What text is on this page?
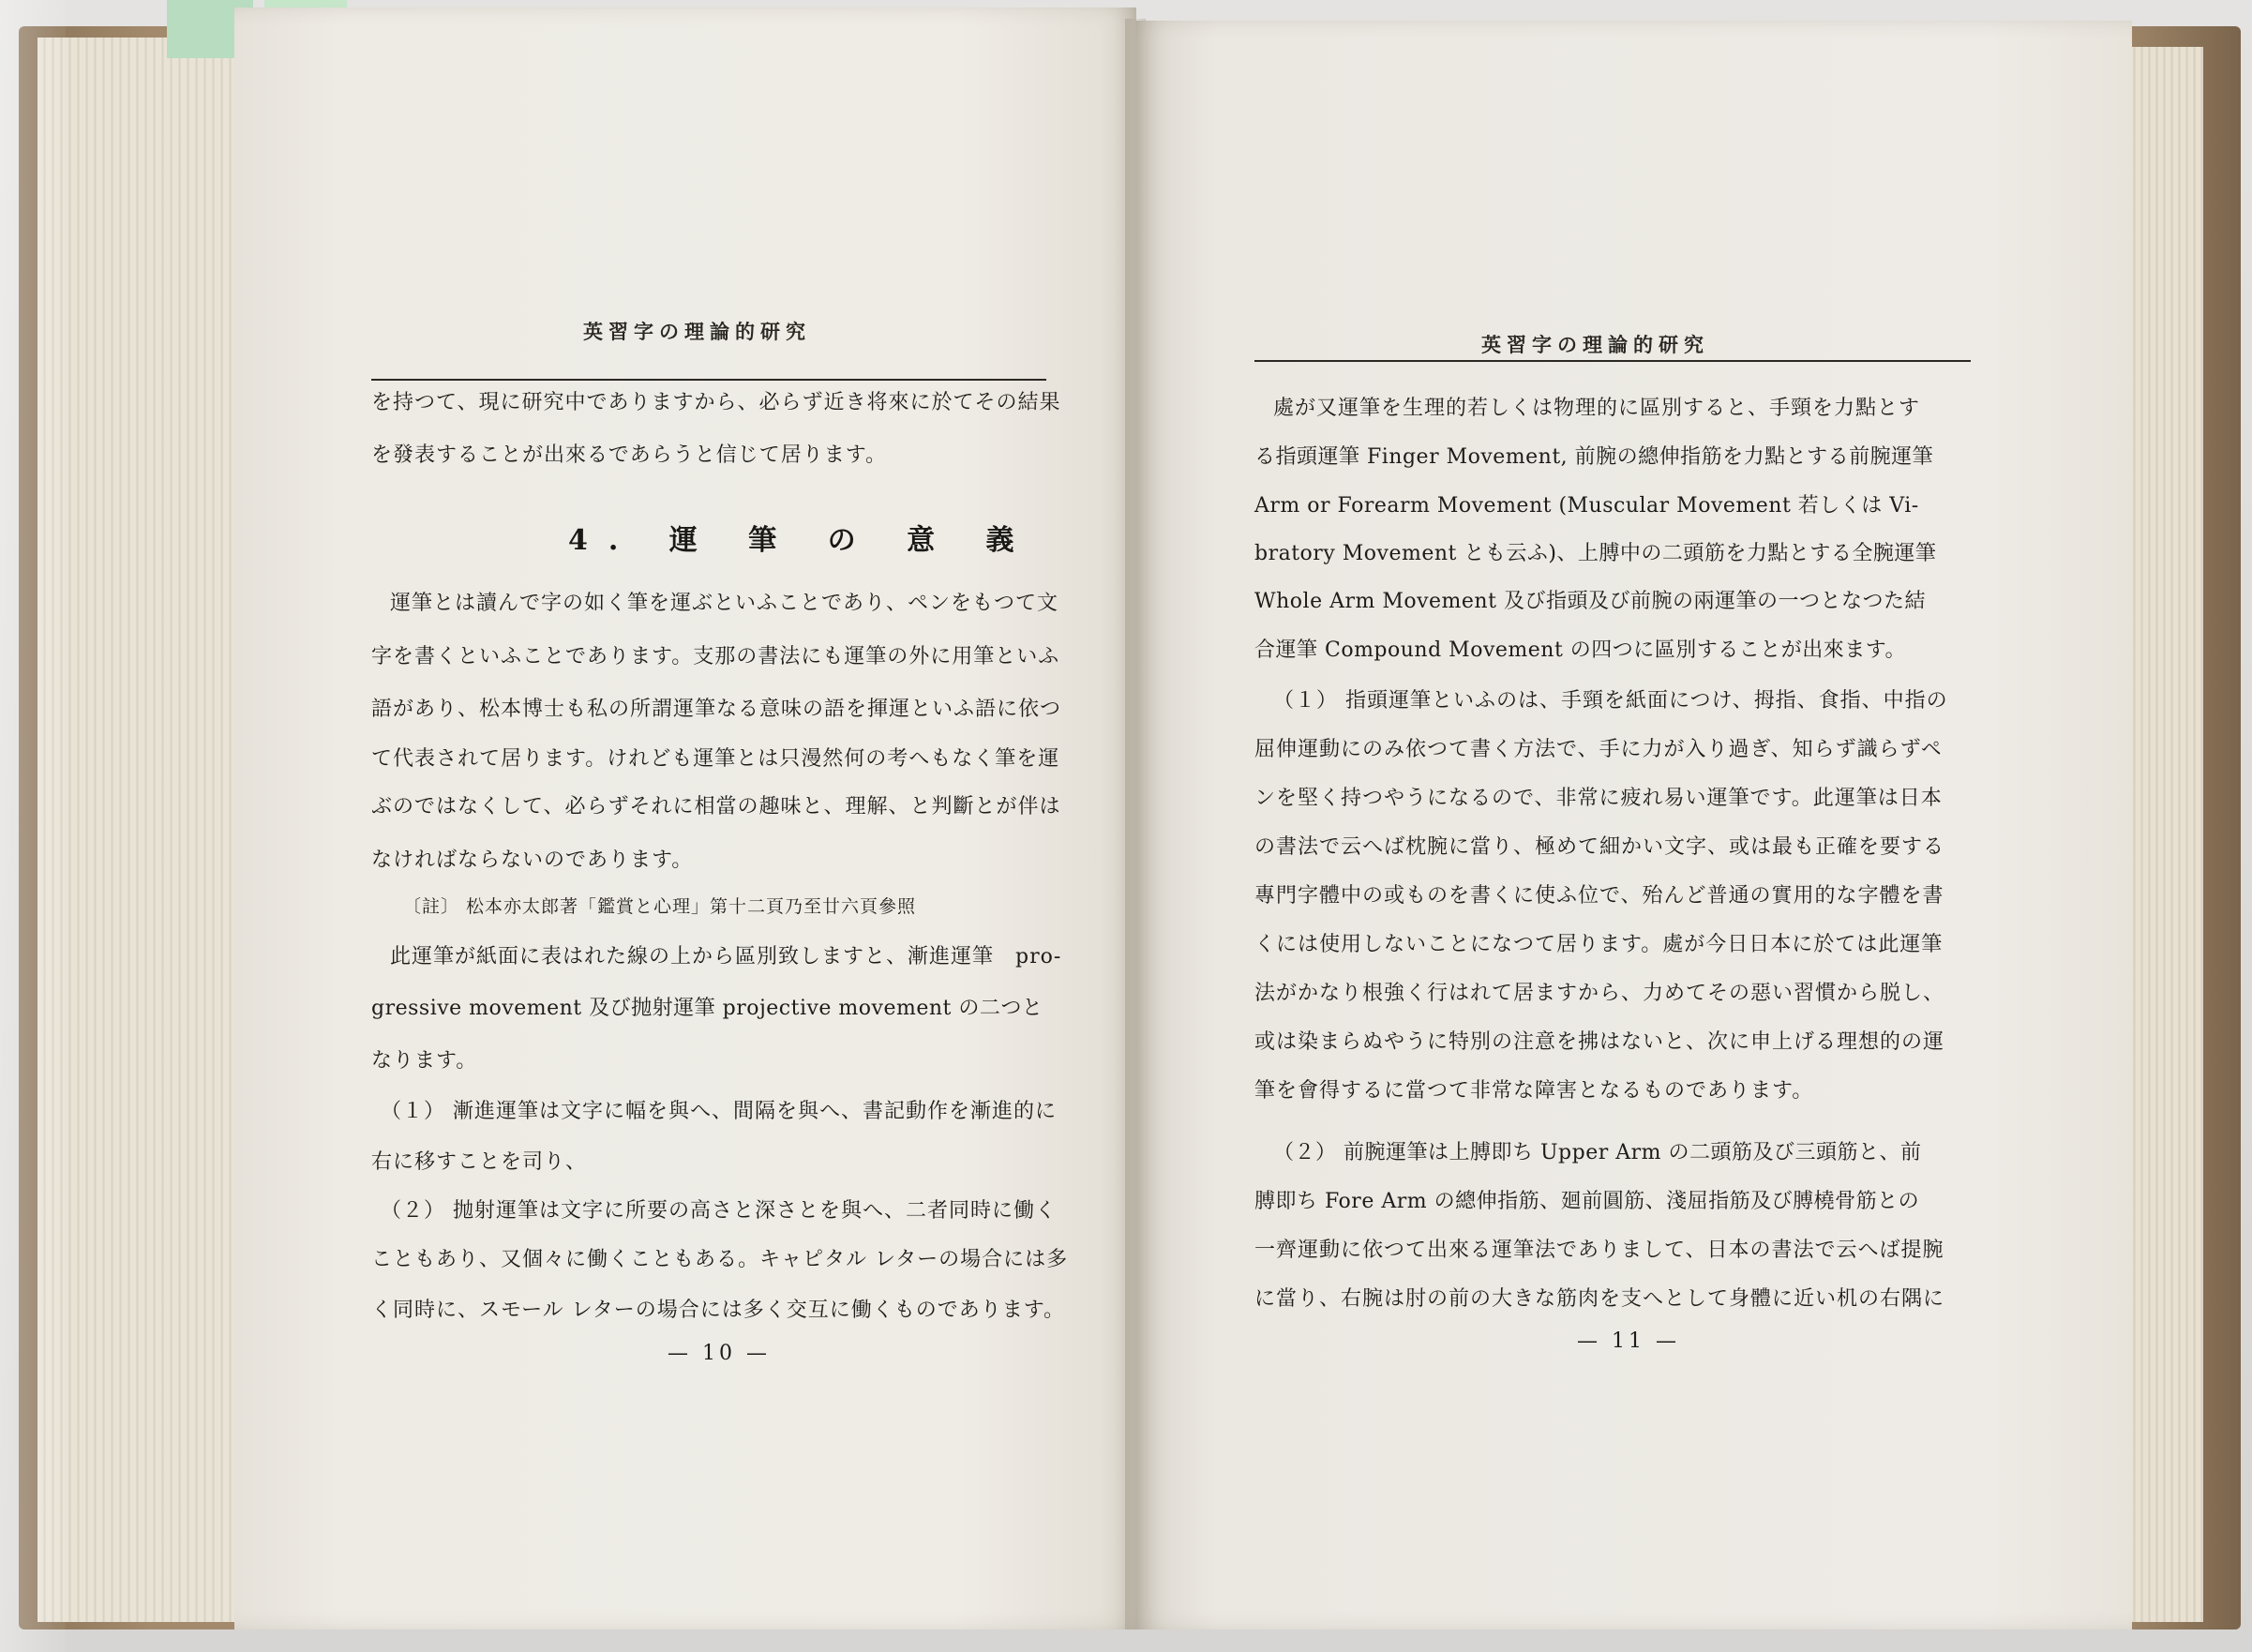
英習字の理論的研究
を持つて、現に研究中でありますから、必らず近き将來に於てその結果
を發表することが出來るであらうと信じて居ります。
4. 運 筆 の 意 義
運筆とは讀んで字の如く筆を運ぶといふことであり、ペンをもつて文
字を書くといふことであります。支那の書法にも運筆の外に用筆といふ
語があり、松本博士も私の所謂運筆なる意味の語を揮運といふ語に依つ
て代表されて居ります。けれども運筆とは只漫然何の考へもなく筆を運
ぶのではなくして、必らずそれに相當の趣味と、理解、と判斷とが伴は
なければならないのであります。
〔註〕 松本亦太郎著「鑑賞と心理」第十二頁乃至廿六頁參照
此運筆が紙面に表はれた線の上から區別致しますと、漸進運筆　pro-
gressive movement 及び抛射運筆 projective movement の二つと
なります。
（１） 漸進運筆は文字に幅を與へ、間隔を與へ、書記動作を漸進的に
右に移すことを司り、
（２） 抛射運筆は文字に所要の高さと深さとを與へ、二者同時に働く
こともあり、又個々に働くこともある。キャピタル レターの場合には多
く同時に、スモール レターの場合には多く交互に働くものであります。
— 10 —
英習字の理論的研究
處が又運筆を生理的若しくは物理的に區別すると、手頸を力點とす
る指頭運筆 Finger Movement, 前腕の總伸指筋を力點とする前腕運筆
Arm or Forearm Movement (Muscular Movement 若しくは Vi-
bratory Movement とも云ふ)、上膊中の二頭筋を力點とする全腕運筆
Whole Arm Movement 及び指頭及び前腕の兩運筆の一つとなつた結
合運筆 Compound Movement の四つに區別することが出來ます。
（１） 指頭運筆といふのは、手頸を紙面につけ、拇指、食指、中指の
屈伸運動にのみ依つて書く方法で、手に力が入り過ぎ、知らず識らずペ
ンを堅く持つやうになるので、非常に疲れ易い運筆です。此運筆は日本
の書法で云へば枕腕に當り、極めて細かい文字、或は最も正確を要する
專門字體中の或ものを書くに使ふ位で、殆んど普通の實用的な字體を書
くには使用しないことになつて居ります。處が今日日本に於ては此運筆
法がかなり根強く行はれて居ますから、力めてその惡い習慣から脱し、
或は染まらぬやうに特別の注意を拂はないと、次に申上げる理想的の運
筆を會得するに當つて非常な障害となるものであります。
（２） 前腕運筆は上膊即ち Upper Arm の二頭筋及び三頭筋と、前
膊即ち Fore Arm の總伸指筋、廻前圓筋、淺屈指筋及び膊橈骨筋との
一齊運動に依つて出來る運筆法でありまして、日本の書法で云へば提腕
に當り、右腕は肘の前の大きな筋肉を支へとして身體に近い机の右隅に
— 11 —
